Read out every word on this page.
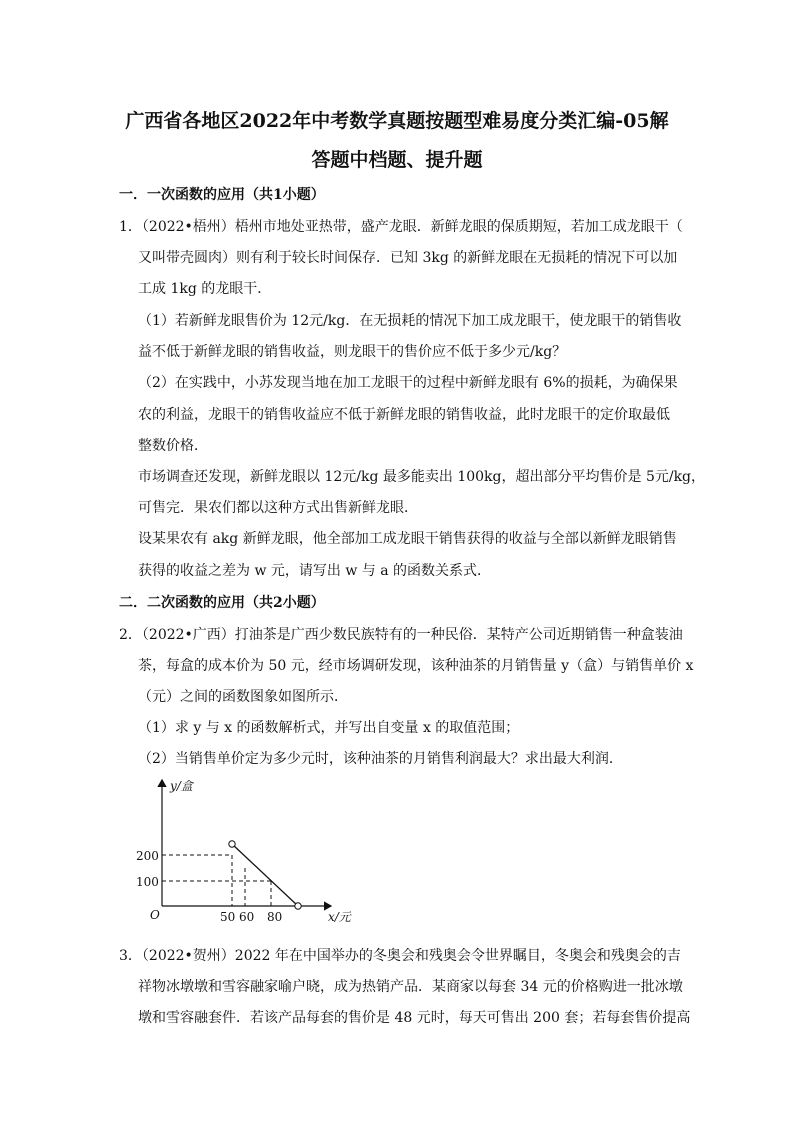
广西省各地区2022年中考数学真题按题型难易度分类汇编-05解
答题中档题、提升题
一．一次函数的应用（共1小题）
1．（2022•梧州）梧州市地处亚热带，盛产龙眼．新鲜龙眼的保质期短，若加工成龙眼干（
又叫带壳圆肉）则有利于较长时间保存．已知 3kg 的新鲜龙眼在无损耗的情况下可以加
工成 1kg 的龙眼干．
（1）若新鲜龙眼售价为 12元/kg．在无损耗的情况下加工成龙眼干，使龙眼干的销售收
益不低于新鲜龙眼的销售收益，则龙眼干的售价应不低于多少元/kg？
（2）在实践中，小苏发现当地在加工龙眼干的过程中新鲜龙眼有 6%的损耗，为确保果
农的利益，龙眼干的销售收益应不低于新鲜龙眼的销售收益，此时龙眼干的定价取最低
整数价格．
市场调查还发现，新鲜龙眼以 12元/kg 最多能卖出 100kg，超出部分平均售价是 5元/kg，
可售完．果农们都以这种方式出售新鲜龙眼．
设某果农有 akg 新鲜龙眼，他全部加工成龙眼干销售获得的收益与全部以新鲜龙眼销售
获得的收益之差为 w 元，请写出 w 与 a 的函数关系式．
二．二次函数的应用（共2小题）
2．（2022•广西）打油茶是广西少数民族特有的一种民俗．某特产公司近期销售一种盒装油
茶，每盒的成本价为 50 元，经市场调研发现，该种油茶的月销售量 y（盒）与销售单价 x
（元）之间的函数图象如图所示．
（1）求 y 与 x 的函数解析式，并写出自变量 x 的取值范围；
（2）当销售单价定为多少元时，该种油茶的月销售利润最大？求出最大利润．
y/盒
200
100
O	50 60 80	x/元
3．（2022•贺州）2022 年在中国举办的冬奥会和残奥会令世界瞩目，冬奥会和残奥会的吉
祥物冰墩墩和雪容融家喻户晓，成为热销产品．某商家以每套 34 元的价格购进一批冰墩
墩和雪容融套件．若该产品每套的售价是 48 元时，每天可售出 200 套；若每套售价提高
